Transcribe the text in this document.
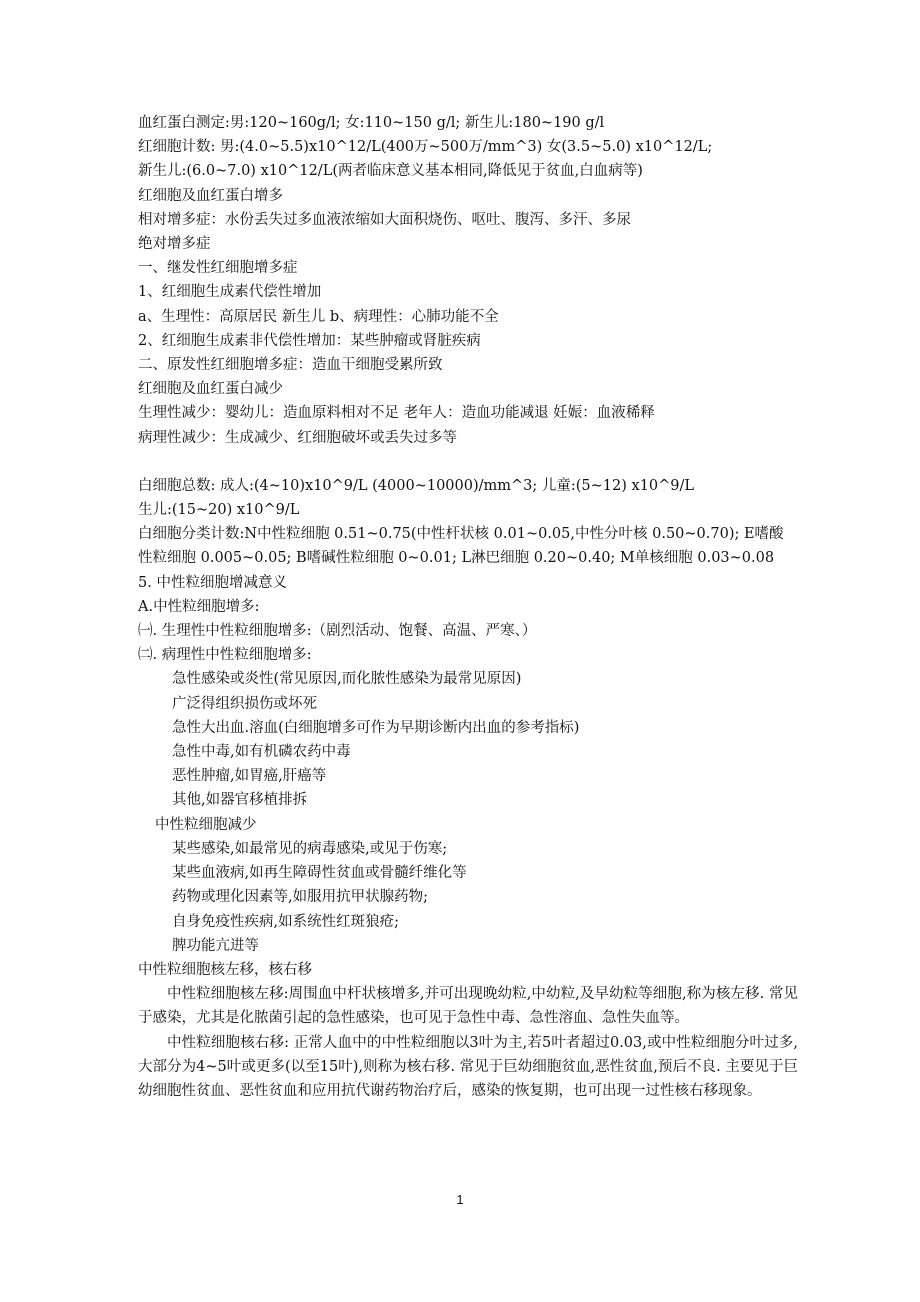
血红蛋白测定:男:120~160g/l; 女:110~150 g/l; 新生儿:180~190 g/l
红细胞计数: 男:(4.0~5.5)x10^12/L(400万~500万/mm^3) 女(3.5~5.0) x10^12/L;
新生儿:(6.0~7.0) x10^12/L(两者临床意义基本相同,降低见于贫血,白血病等)
红细胞及血红蛋白增多
相对增多症：水份丢失过多血液浓缩如大面积烧伤、呕吐、腹泻、多汗、多尿
绝对增多症
一、继发性红细胞增多症
1、红细胞生成素代偿性增加
a、生理性：高原居民 新生儿 b、病理性：心肺功能不全
2、红细胞生成素非代偿性增加：某些肿瘤或肾脏疾病
二、原发性红细胞增多症：造血干细胞受累所致
红细胞及血红蛋白减少
生理性减少：婴幼儿：造血原料相对不足 老年人：造血功能减退 妊娠：血液稀释
病理性减少：生成减少、红细胞破坏或丢失过多等
白细胞总数: 成人:(4~10)x10^9/L (4000~10000)/mm^3; 儿童:(5~12) x10^9/L
生儿:(15~20) x10^9/L
白细胞分类计数:N中性粒细胞 0.51~0.75(中性杆状核 0.01~0.05,中性分叶核 0.50~0.70); E嗜酸性粒细胞 0.005~0.05; B嗜碱性粒细胞 0~0.01; L淋巴细胞 0.20~0.40; M单核细胞 0.03~0.08
5. 中性粒细胞增减意义
A.中性粒细胞增多:
㈠. 生理性中性粒细胞增多:（剧烈活动、饱餐、高温、严寒、）
㈡. 病理性中性粒细胞增多:
急性感染或炎性(常见原因,而化脓性感染为最常见原因)
广泛得组织损伤或坏死
急性大出血.溶血(白细胞增多可作为早期诊断内出血的参考指标)
急性中毒,如有机磷农药中毒
恶性肿瘤,如胃癌,肝癌等
其他,如器官移植排拆
中性粒细胞减少
某些感染,如最常见的病毒感染,或见于伤寒;
某些血液病,如再生障碍性贫血或骨髓纤维化等
药物或理化因素等,如服用抗甲状腺药物;
自身免疫性疾病,如系统性红斑狼疮;
脾功能亢进等
中性粒细胞核左移，核右移
中性粒细胞核左移:周围血中杆状核增多,并可出现晚幼粒,中幼粒,及早幼粒等细胞,称为核左移. 常见于感染，尤其是化脓菌引起的急性感染，也可见于急性中毒、急性溶血、急性失血等。
中性粒细胞核右移: 正常人血中的中性粒细胞以3叶为主,若5叶者超过0.03,或中性粒细胞分叶过多,大部分为4~5叶或更多(以至15叶),则称为核右移. 常见于巨幼细胞贫血,恶性贫血,预后不良. 主要见于巨幼细胞性贫血、恶性贫血和应用抗代谢药物治疗后，感染的恢复期，也可出现一过性核右移现象。
1
